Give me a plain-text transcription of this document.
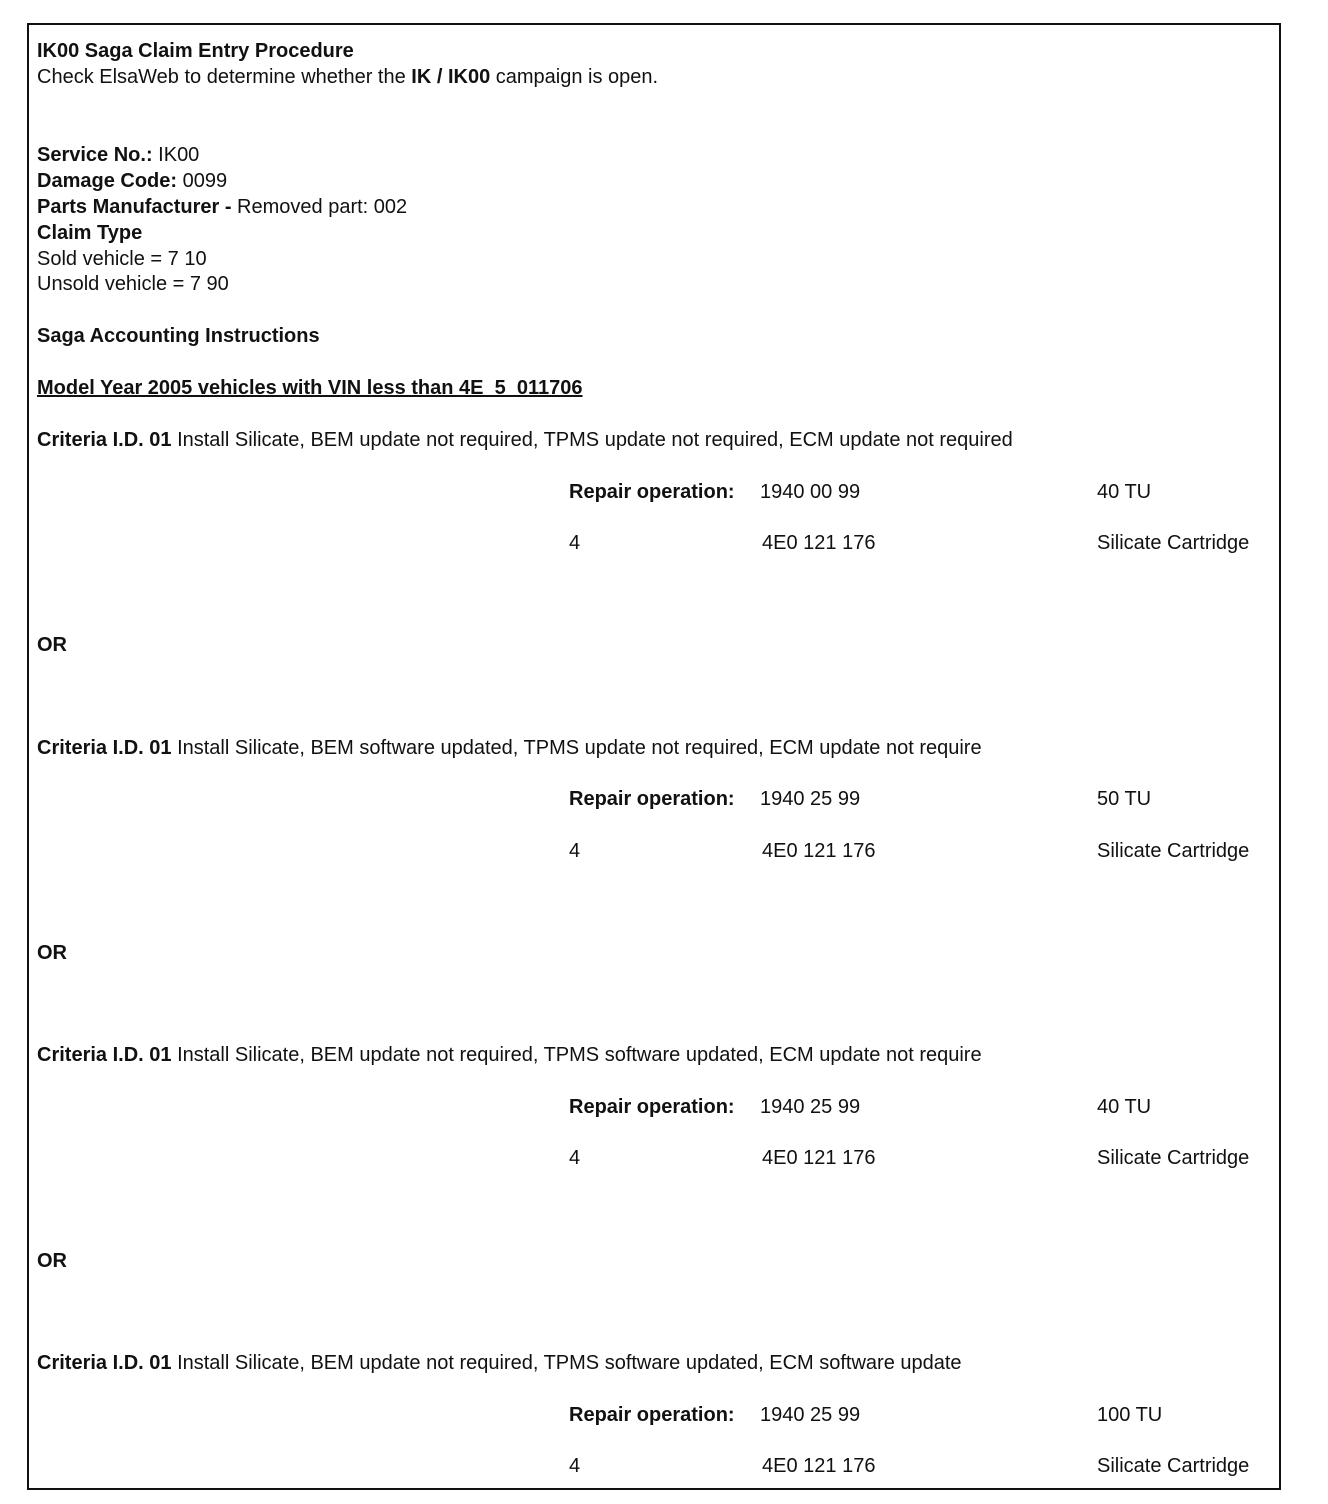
IK00 Saga Claim Entry Procedure
Check ElsaWeb to determine whether the IK / IK00 campaign is open.
Service No.: IK00
Damage Code: 0099
Parts Manufacturer - Removed part: 002
Claim Type
Sold vehicle = 7 10
Unsold vehicle = 7 90
Saga Accounting Instructions
Model Year 2005 vehicles with VIN less than 4E_5_011706
Criteria I.D. 01 Install Silicate, BEM update not required, TPMS update not required, ECM update not required
Repair operation: 1940 00 99	40 TU
4	4E0 121 176	Silicate Cartridge
OR
Criteria I.D. 01 Install Silicate, BEM software updated, TPMS update not required, ECM update not require
Repair operation: 1940 25 99	50 TU
4	4E0 121 176	Silicate Cartridge
OR
Criteria I.D. 01 Install Silicate, BEM update not required, TPMS software updated, ECM update not require
Repair operation: 1940 25 99	40 TU
4	4E0 121 176	Silicate Cartridge
OR
Criteria I.D. 01 Install Silicate, BEM update not required, TPMS software updated, ECM software update
Repair operation: 1940 25 99	100 TU
4	4E0 121 176	Silicate Cartridge
